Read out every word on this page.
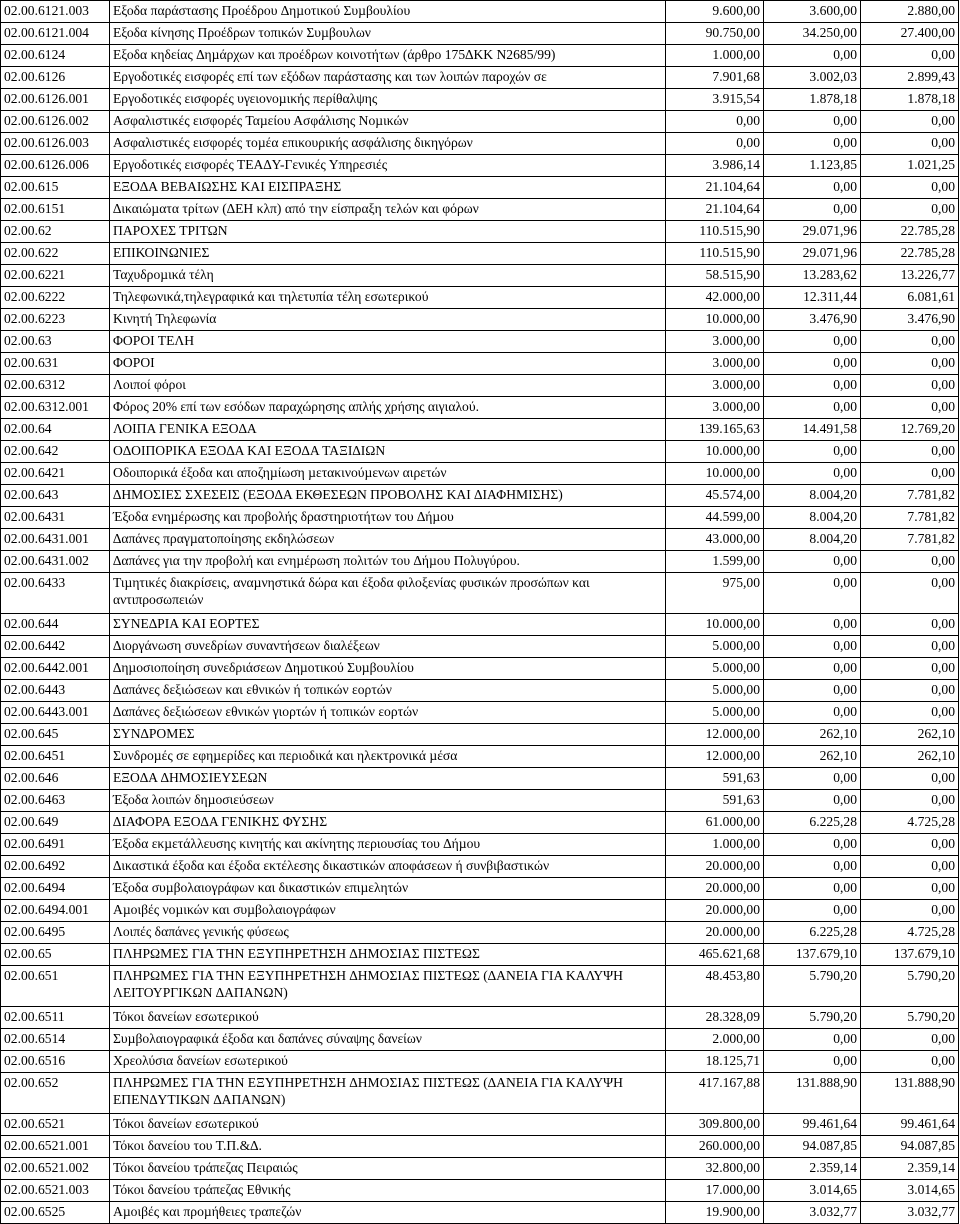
02.00.6121.003	Εξοδα παράστασης Προέδρου ∆ηµοτικού Συµβουλίου	9.600,00	3.600,00	2.880,00
02.00.6121.004	Εξοδα κίνησης Προέδρων τοπικών Συµβουλων	90.750,00	34.250,00	27.400,00
02.00.6124	Εξοδα κηδείας ∆ηµάρχων και προέδρων κοινοτήτων (άρθρο 175∆ΚΚ Ν2685/99)	1.000,00	0,00	0,00
02.00.6126	Εργοδοτικές εισφορές επί των εξόδων παράστασης και των λοιπών παροχών σε	7.901,68	3.002,03	2.899,43
02.00.6126.001	Εργοδοτικές εισφορές υγειονοµικής περίθαλψης	3.915,54	1.878,18	1.878,18
02.00.6126.002	Ασφαλιστικές εισφορές Ταµείου Ασφάλισης Νοµικών	0,00	0,00	0,00
02.00.6126.003	Ασφαλιστικές εισφορές τοµέα επικουρικής ασφάλισης δικηγόρων	0,00	0,00	0,00
02.00.6126.006	Εργοδοτικές εισφορές ΤΕΑ∆Υ-Γενικές Υπηρεσιές	3.986,14	1.123,85	1.021,25
02.00.615	ΕΞΟ∆Α ΒΕΒΑΙΩΣΗΣ ΚΑΙ ΕΙΣΠΡΑΞΗΣ	21.104,64	0,00	0,00
02.00.6151	∆ικαιώµατα τρίτων (∆ΕΗ κλπ) από την είσπραξη τελών και φόρων	21.104,64	0,00	0,00
02.00.62	ΠΑΡΟΧΕΣ ΤΡΙΤΩΝ	110.515,90	29.071,96	22.785,28
02.00.622	ΕΠΙΚΟΙΝΩΝΙΕΣ	110.515,90	29.071,96	22.785,28
02.00.6221	Ταχυδροµικά τέλη	58.515,90	13.283,62	13.226,77
02.00.6222	Τηλεφωνικά,τηλεγραφικά και τηλετυπία τέλη εσωτερικού	42.000,00	12.311,44	6.081,61
02.00.6223	Κινητή Τηλεφωνία	10.000,00	3.476,90	3.476,90
02.00.63	ΦΟΡΟΙ ΤΕΛΗ	3.000,00	0,00	0,00
02.00.631	ΦΟΡΟΙ	3.000,00	0,00	0,00
02.00.6312	Λοιποί φόροι	3.000,00	0,00	0,00
02.00.6312.001	Φόρος 20% επί των εσόδων παραχώρησης απλής χρήσης αιγιαλού.	3.000,00	0,00	0,00
02.00.64	ΛΟΙΠΑ ΓΕΝΙΚΑ ΕΞΟ∆Α	139.165,63	14.491,58	12.769,20
02.00.642	Ο∆ΟΙΠΟΡΙΚΑ ΕΞΟ∆Α ΚΑΙ ΕΞΟ∆Α ΤΑΞΙ∆ΙΩΝ	10.000,00	0,00	0,00
02.00.6421	Οδοιπορικά έξοδα και αποζηµίωση µετακινούµενων αιρετών	10.000,00	0,00	0,00
02.00.643	∆ΗΜΟΣΙΕΣ ΣΧΕΣΕΙΣ (ΕΞΟ∆Α ΕΚΘΕΣΕΩΝ ΠΡΟΒΟΛΗΣ ΚΑΙ ∆ΙΑΦΗΜΙΣΗΣ)	45.574,00	8.004,20	7.781,82
02.00.6431	Έξοδα ενηµέρωσης και προβολής δραστηριοτήτων του ∆ήµου	44.599,00	8.004,20	7.781,82
02.00.6431.001	∆απάνες πραγµατοποίησης εκδηλώσεων	43.000,00	8.004,20	7.781,82
02.00.6431.002	∆απάνες για την προβολή και ενηµέρωση πολιτών του ∆ήµου Πολυγύρου.	1.599,00	0,00	0,00
02.00.6433	Τιµητικές διακρίσεις, αναµνηστικά δώρα και έξοδα φιλοξενίας φυσικών προσώπων και αντιπροσωπειών	975,00	0,00	0,00
02.00.644	ΣΥΝΕ∆ΡΙΑ ΚΑΙ ΕΟΡΤΕΣ	10.000,00	0,00	0,00
02.00.6442	∆ιοργάνωση συνεδρίων συναντήσεων διαλέξεων	5.000,00	0,00	0,00
02.00.6442.001	∆ηµοσιοποίηση συνεδριάσεων ∆ηµοτικού Συµβουλίου	5.000,00	0,00	0,00
02.00.6443	∆απάνες δεξιώσεων και εθνικών ή τοπικών εορτών	5.000,00	0,00	0,00
02.00.6443.001	∆απάνες δεξιώσεων εθνικών γιορτών ή τοπικών εορτών	5.000,00	0,00	0,00
02.00.645	ΣΥΝ∆ΡΟΜΕΣ	12.000,00	262,10	262,10
02.00.6451	Συνδροµές σε εφηµερίδες και περιοδικά και ηλεκτρονικά µέσα	12.000,00	262,10	262,10
02.00.646	ΕΞΟ∆Α ∆ΗΜΟΣΙΕΥΣΕΩΝ	591,63	0,00	0,00
02.00.6463	Έξοδα λοιπών δηµοσιεύσεων	591,63	0,00	0,00
02.00.649	∆ΙΑΦΟΡΑ ΕΞΟ∆Α ΓΕΝΙΚΗΣ ΦΥΣΗΣ	61.000,00	6.225,28	4.725,28
02.00.6491	Έξοδα εκµετάλλευσης κινητής και ακίνητης περιουσίας του ∆ήµου	1.000,00	0,00	0,00
02.00.6492	∆ικαστικά έξοδα και έξοδα εκτέλεσης δικαστικών αποφάσεων ή συνβιβαστικών	20.000,00	0,00	0,00
02.00.6494	Έξοδα συµβολαιογράφων και δικαστικών επιµελητών	20.000,00	0,00	0,00
02.00.6494.001	Αµοιβές νοµικών και συµβολαιογράφων	20.000,00	0,00	0,00
02.00.6495	Λοιπές δαπάνες γενικής φύσεως	20.000,00	6.225,28	4.725,28
02.00.65	ΠΛΗΡΩΜΕΣ ΓΙΑ ΤΗΝ ΕΞΥΠΗΡΕΤΗΣΗ ∆ΗΜΟΣΙΑΣ ΠΙΣΤΕΩΣ	465.621,68	137.679,10	137.679,10
02.00.651	ΠΛΗΡΩΜΕΣ ΓΙΑ ΤΗΝ ΕΞΥΠΗΡΕΤΗΣΗ ∆ΗΜΟΣΙΑΣ ΠΙΣΤΕΩΣ (∆ΑΝΕΙΑ ΓΙΑ ΚΑΛΥΨΗ ΛΕΙΤΟΥΡΓΙΚΩΝ ∆ΑΠΑΝΩΝ)	48.453,80	5.790,20	5.790,20
02.00.6511	Τόκοι δανείων εσωτερικού	28.328,09	5.790,20	5.790,20
02.00.6514	Συµβολαιογραφικά έξοδα και δαπάνες σύναψης δανείων	2.000,00	0,00	0,00
02.00.6516	Χρεολύσια δανείων εσωτερικού	18.125,71	0,00	0,00
02.00.652	ΠΛΗΡΩΜΕΣ ΓΙΑ ΤΗΝ ΕΞΥΠΗΡΕΤΗΣΗ ∆ΗΜΟΣΙΑΣ ΠΙΣΤΕΩΣ (∆ΑΝΕΙΑ ΓΙΑ ΚΑΛΥΨΗ ΕΠΕΝ∆ΥΤΙΚΩΝ ∆ΑΠΑΝΩΝ)	417.167,88	131.888,90	131.888,90
02.00.6521	Τόκοι δανείων εσωτερικού	309.800,00	99.461,64	99.461,64
02.00.6521.001	Τόκοι δανείου του Τ.Π.&∆.	260.000,00	94.087,85	94.087,85
02.00.6521.002	Τόκοι δανείου τράπεζας Πειραιώς	32.800,00	2.359,14	2.359,14
02.00.6521.003	Τόκοι δανείου τράπεζας Εθνικής	17.000,00	3.014,65	3.014,65
02.00.6525	Αµοιβές και προµήθειες τραπεζών	19.900,00	3.032,77	3.032,77
